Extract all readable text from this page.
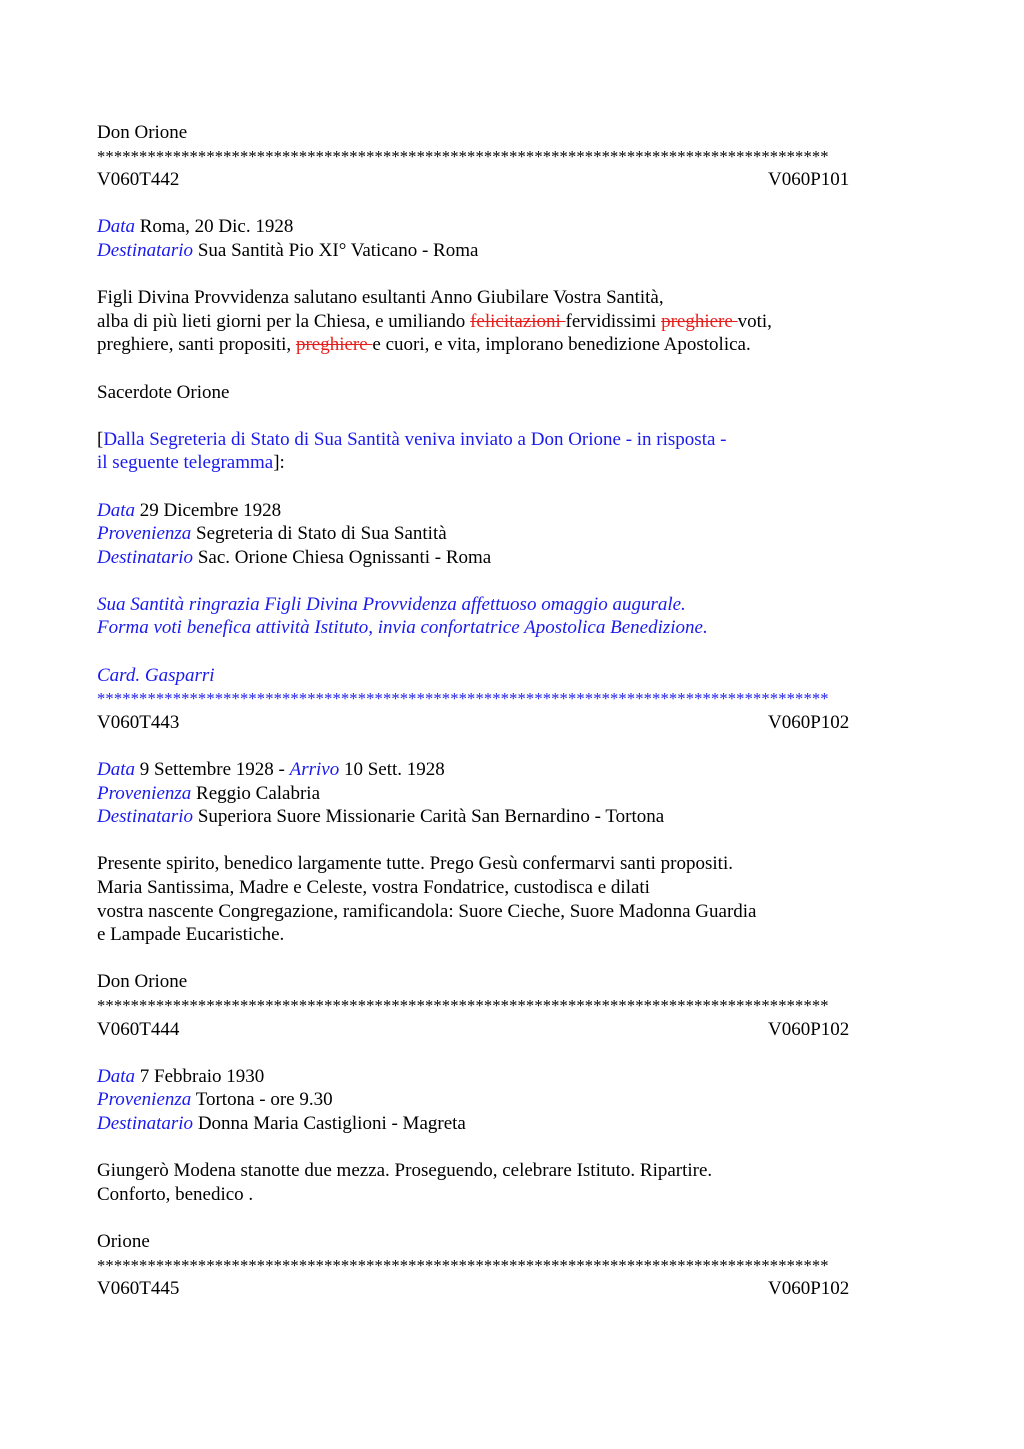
Don Orione
***************************************************************************************
V060T442	V060P101
Data Roma, 20 Dic. 1928
Destinatario Sua Santità Pio XI° Vaticano - Roma
Figli Divina Provvidenza salutano esultanti Anno Giubilare Vostra Santità,
alba di più lieti giorni per la Chiesa, e umiliando felicitazioni fervidissimi preghiere voti,
preghiere, santi propositi, preghiere e cuori, e vita, implorano benedizione Apostolica.
Sacerdote Orione
[Dalla Segreteria di Stato di Sua Santità veniva inviato a Don Orione - in risposta -
il seguente telegramma]:
Data 29 Dicembre 1928
Provenienza Segreteria di Stato di Sua Santità
Destinatario Sac. Orione Chiesa Ognissanti - Roma
Sua Santità ringrazia Figli Divina Provvidenza affettuoso omaggio augurale.
Forma voti benefica attività Istituto, invia confortatrice Apostolica Benedizione.
Card. Gasparri
***************************************************************************************
V060T443	V060P102
Data 9 Settembre 1928 - Arrivo 10 Sett. 1928
Provenienza Reggio Calabria
Destinatario Superiora Suore Missionarie Carità San Bernardino - Tortona
Presente spirito, benedico largamente tutte. Prego Gesù confermarvi santi propositi.
Maria Santissima, Madre e Celeste, vostra Fondatrice, custodisca e dilati
vostra nascente Congregazione, ramificandola: Suore Cieche, Suore Madonna Guardia
e Lampade Eucaristiche.
Don Orione
***************************************************************************************
V060T444	V060P102
Data 7 Febbraio 1930
Provenienza Tortona - ore 9.30
Destinatario Donna Maria Castiglioni - Magreta
Giungerò Modena stanotte due mezza. Proseguendo, celebrare Istituto. Ripartire.
Conforto, benedico .
Orione
***************************************************************************************
V060T445	V060P102
